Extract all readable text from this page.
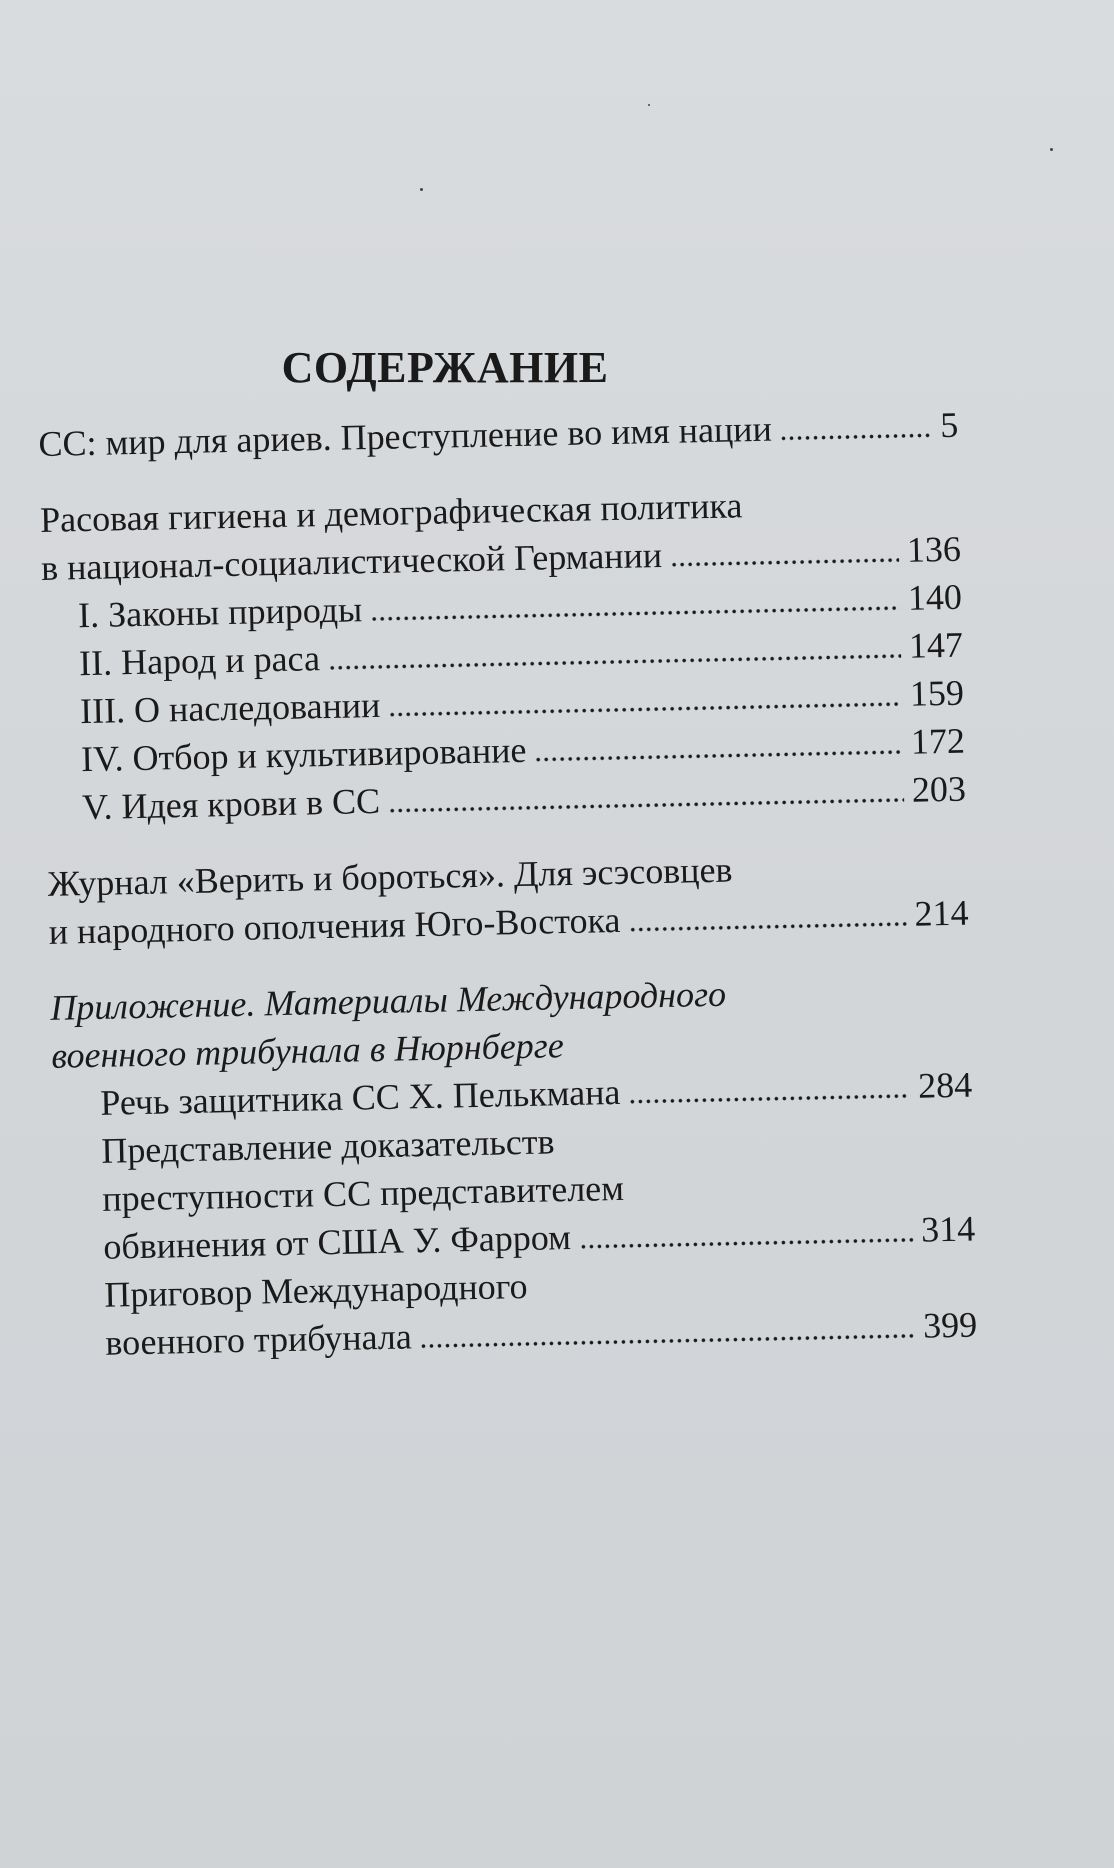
СОДЕРЖАНИЕ
СС: мир для ариев. Преступление во имя нации	5
Расовая гигиена и демографическая политика
в национал-социалистической Германии	136
I. Законы природы	140
II. Народ и раса	147
III. О наследовании	159
IV. Отбор и культивирование	172
V. Идея крови в СС	203
Журнал «Верить и бороться». Для эсэсовцев
и народного ополчения Юго-Востока	214
Приложение. Материалы Международного
военного трибунала в Нюрнберге
Речь защитника СС Х. Пелькмана	284
Представление доказательств
преступности СС представителем
обвинения от США У. Фарром	314
Приговор Международного
военного трибунала	399
